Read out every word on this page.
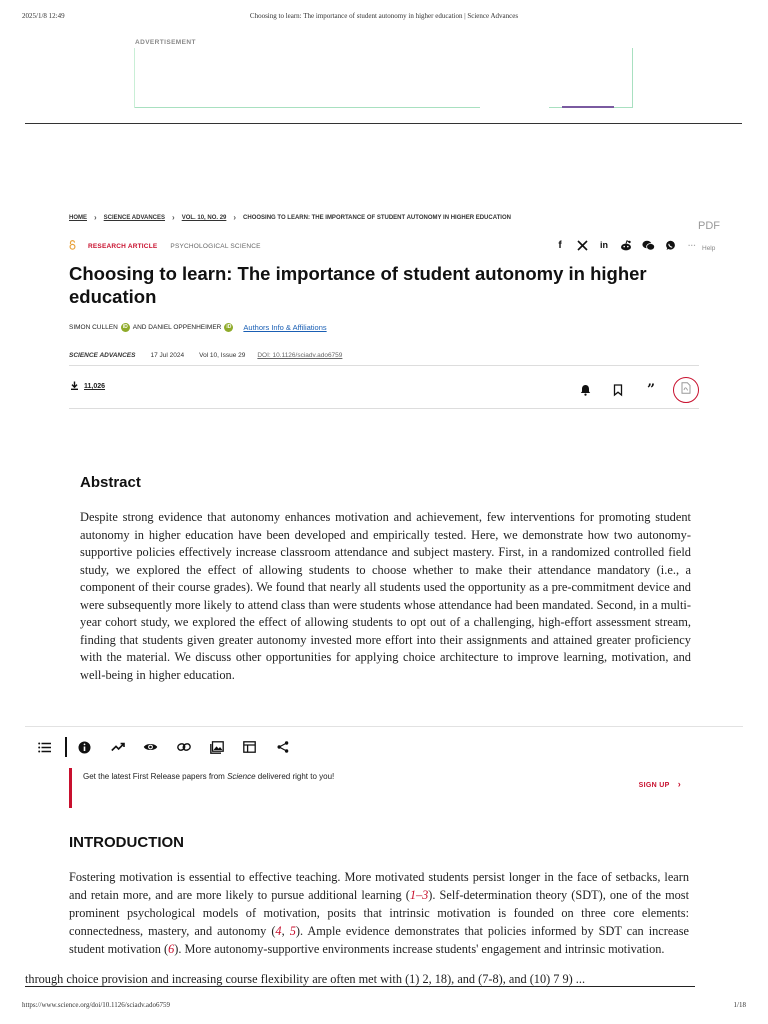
2025/1/8 12:49	Choosing to learn: The importance of student autonomy in higher education | Science Advances
ADVERTISEMENT
HOME › SCIENCE ADVANCES › VOL. 10, NO. 29 › CHOOSING TO LEARN: THE IMPORTANCE OF STUDENT AUTONOMY IN HIGHER EDUCATION
PDF
Help
RESEARCH ARTICLE PSYCHOLOGICAL SCIENCE	f	in	···
Choosing to learn: The importance of student autonomy in higher education
SIMON CULLEN	iD AND DANIEL OPPENHEIMER	iD Authors Info & Affiliations
SCIENCE ADVANCES 17 Jul 2024 Vol 10, Issue 29 DOI: 10.1126/sciadv.ado6759
11,026	”
Abstract

Despite strong evidence that autonomy enhances motivation and achievement, few interventions for promoting student autonomy in higher education have been developed and empirically tested. Here, we demonstrate how two autonomy-supportive policies effectively increase classroom attendance and subject mastery. First, in a randomized controlled field study, we explored the effect of allowing students to choose whether to make their attendance mandatory (i.e., a component of their course grades). We found that nearly all students used the opportunity as a pre-commitment device and were subsequently more likely to attend class than were students whose attendance had been mandated. Second, in a multi-year cohort study, we explored the effect of allowing students to opt out of a challenging, high-effort assessment stream, finding that students given greater autonomy invested more effort into their assignments and attained greater proficiency with the material. We discuss other opportunities for applying choice architecture to improve learning, motivation, and well-being in higher education.

Get the latest First Release papers from Science delivered right to you!
SIGN UP ›
INTRODUCTION

Fostering motivation is essential to effective teaching. More motivated students persist longer in the face of setbacks, learn and retain more, and are more likely to pursue additional learning (1–3). Self-determination theory (SDT), one of the most prominent psychological models of motivation, posits that intrinsic motivation is founded on three core elements: connectedness, mastery, and autonomy (4, 5). Ample evidence demonstrates that policies informed by SDT can increase student motivation (6). More autonomy-supportive environments increase students' engagement and intrinsic motivation.

through choice provision and increasing course flexibility are often met with (1) 2, 18), and (7-8), and (10) 7 9) ...
https://www.science.org/doi/10.1126/sciadv.ado6759	1/18
